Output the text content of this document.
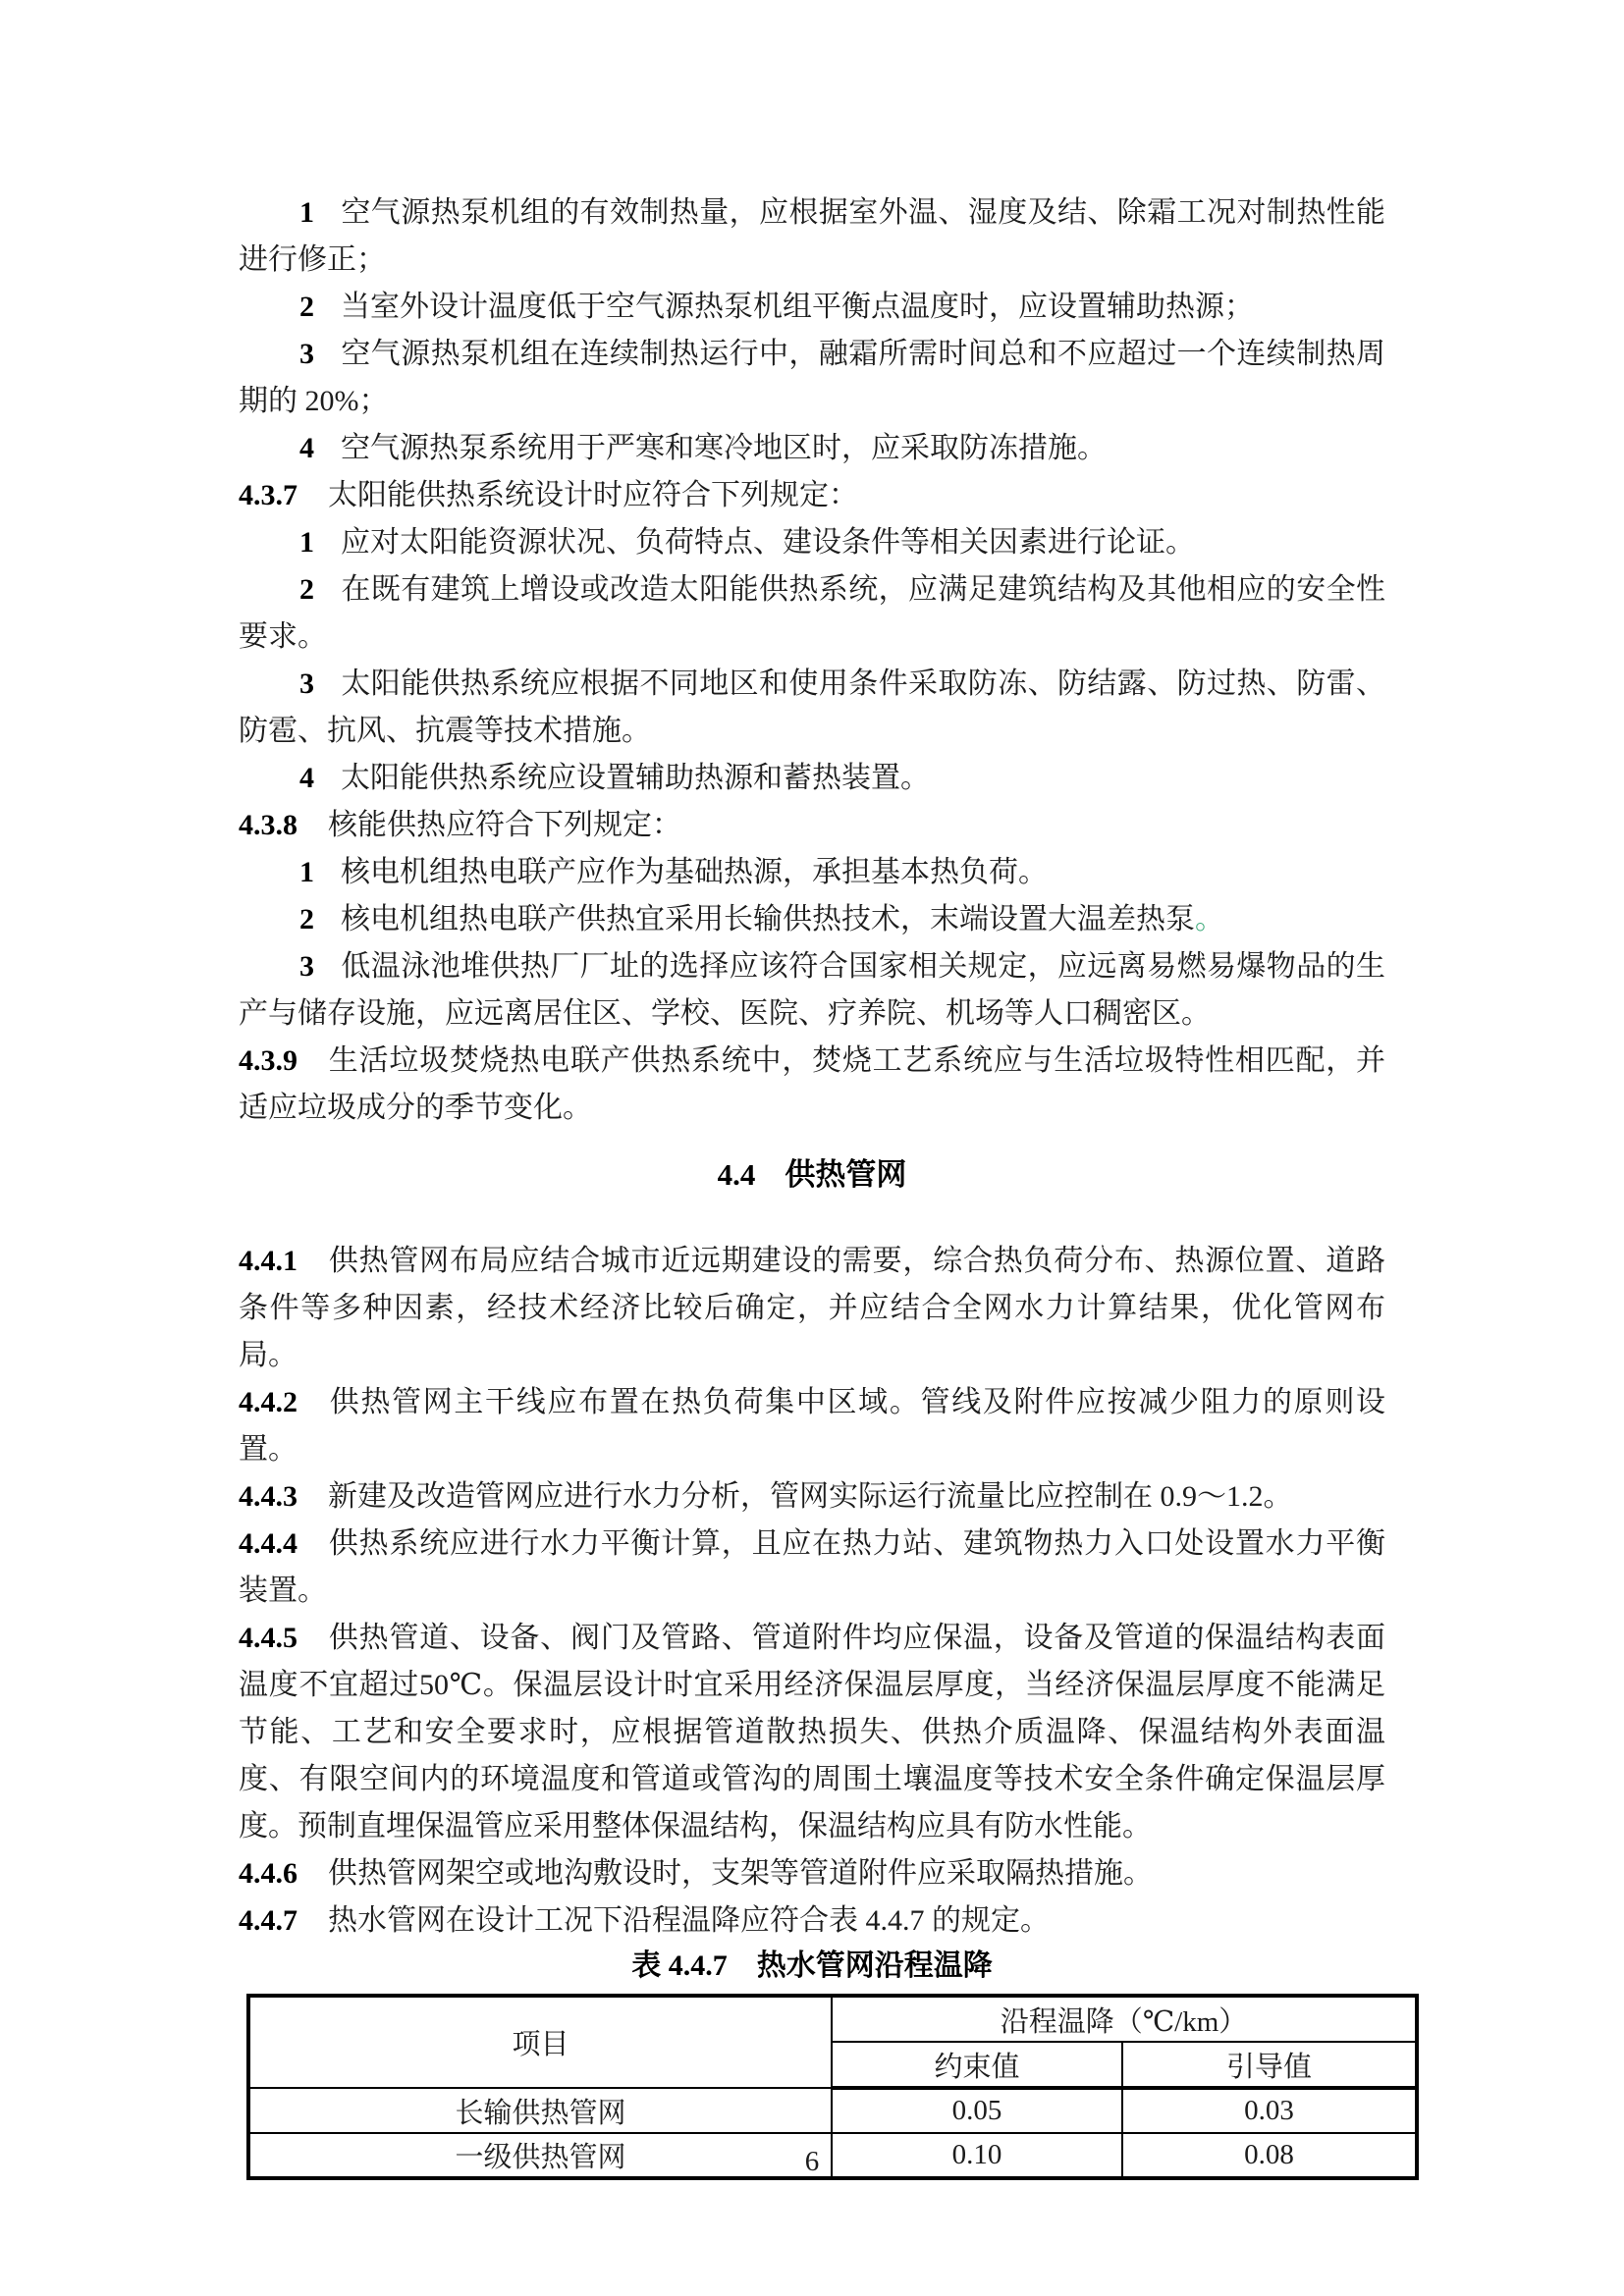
1 空气源热泵机组的有效制热量，应根据室外温、湿度及结、除霜工况对制热性能进行修正；

2 当室外设计温度低于空气源热泵机组平衡点温度时，应设置辅助热源；

3 空气源热泵机组在连续制热运行中，融霜所需时间总和不应超过一个连续制热周期的 20%；

4 空气源热泵系统用于严寒和寒冷地区时，应采取防冻措施。

4.3.7 太阳能供热系统设计时应符合下列规定：

1 应对太阳能资源状况、负荷特点、建设条件等相关因素进行论证。

2 在既有建筑上增设或改造太阳能供热系统，应满足建筑结构及其他相应的安全性要求。

3 太阳能供热系统应根据不同地区和使用条件采取防冻、防结露、防过热、防雷、防雹、抗风、抗震等技术措施。

4 太阳能供热系统应设置辅助热源和蓄热装置。

4.3.8 核能供热应符合下列规定：

1 核电机组热电联产应作为基础热源，承担基本热负荷。

2 核电机组热电联产供热宜采用长输供热技术，末端设置大温差热泵。

3 低温泳池堆供热厂厂址的选择应该符合国家相关规定，应远离易燃易爆物品的生产与储存设施，应远离居住区、学校、医院、疗养院、机场等人口稠密区。

4.3.9 生活垃圾焚烧热电联产供热系统中，焚烧工艺系统应与生活垃圾特性相匹配，并适应垃圾成分的季节变化。

4.4 供热管网

4.4.1 供热管网布局应结合城市近远期建设的需要，综合热负荷分布、热源位置、道路条件等多种因素，经技术经济比较后确定，并应结合全网水力计算结果，优化管网布局。

4.4.2 供热管网主干线应布置在热负荷集中区域。管线及附件应按减少阻力的原则设置。

4.4.3 新建及改造管网应进行水力分析，管网实际运行流量比应控制在 0.9～1.2。

4.4.4 供热系统应进行水力平衡计算，且应在热力站、建筑物热力入口处设置水力平衡装置。

4.4.5 供热管道、设备、阀门及管路、管道附件均应保温，设备及管道的保温结构表面温度不宜超过50℃。保温层设计时宜采用经济保温层厚度，当经济保温层厚度不能满足节能、工艺和安全要求时，应根据管道散热损失、供热介质温降、保温结构外表面温度、有限空间内的环境温度和管道或管沟的周围土壤温度等技术安全条件确定保温层厚度。预制直埋保温管应采用整体保温结构，保温结构应具有防水性能。

4.4.6 供热管网架空或地沟敷设时，支架等管道附件应采取隔热措施。

4.4.7 热水管网在设计工况下沿程温降应符合表 4.4.7 的规定。

表 4.4.7　热水管网沿程温降

项目	沿程温降（℃/km）	
	约束值	引导值
长输供热管网	0.05	0.03
一级供热管网	0.10	0.08
6
